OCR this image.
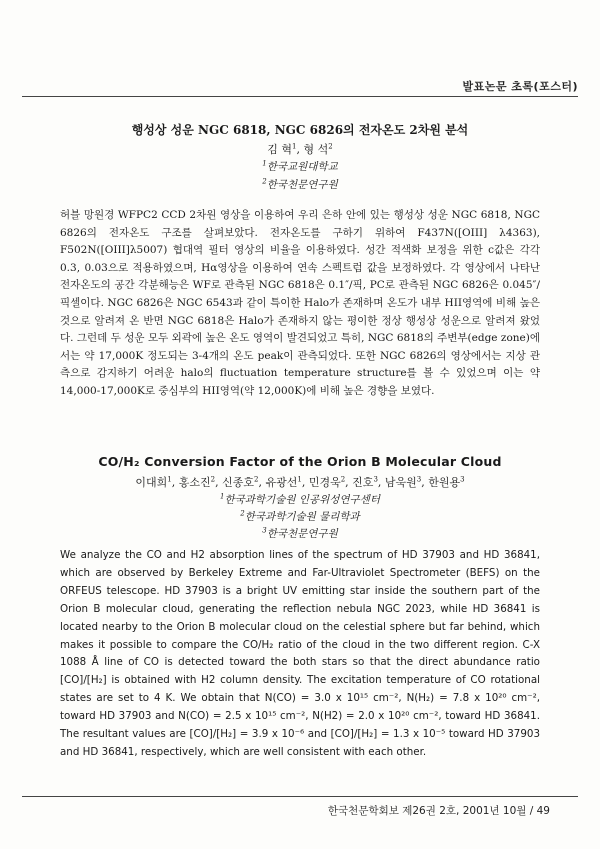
발표논문 초록(포스터)
행성상 성운 NGC 6818, NGC 6826의 전자온도 2차원 분석

김 혁$^1$, 형 석$^2$

$^1$한국교원대학교

$^2$한국천문연구원

허블 망원경 WFPC2 CCD 2차원 영상을 이용하여 우리 은하 안에 있는 행성상 성운 NGC 6818, NGC 6826의 전자온도 구조를 살펴보았다. 전자온도를 구하기 위하여 F437N([OIII] λ4363), F502N([OIII]λ5007) 협대역 필터 영상의 비율을 이용하였다. 성간 적색화 보정을 위한 c값은 각각 0.3, 0.03으로 적용하였으며, Hα영상을 이용하여 연속 스펙트럼 값을 보정하였다. 각 영상에서 나타난 전자온도의 공간 각분해능은 WF로 관측된 NGC 6818은 0.1″/픽, PC로 관측된 NGC 6826은 0.045″/픽셀이다. NGC 6826은 NGC 6543과 같이 특이한 Halo가 존재하며 온도가 내부 HII영역에 비해 높은 것으로 알려져 온 반면 NGC 6818은 Halo가 존재하지 않는 평이한 정상 행성상 성운으로 알려져 왔었다. 그런데 두 성운 모두 외곽에 높은 온도 영역이 발견되었고 특히, NGC 6818의 주변부(edge zone)에서는 약 17,000K 정도되는 3-4개의 온도 peak이 관측되었다. 또한 NGC 6826의 영상에서는 지상 관측으로 감지하기 어려운 halo의 fluctuation temperature structure를 볼 수 있었으며 이는 약 14,000-17,000K로 중심부의 HII영역(약 12,000K)에 비해 높은 경향을 보였다.

CO/H₂ Conversion Factor of the Orion B Molecular Cloud

이대희$^1$, 홍소진$^2$, 신종호$^2$, 유광선$^1$, 민경욱$^2$, 진호$^3$, 남욱원$^3$, 한원용$^3$

$^1$한국과학기술원 인공위성연구센터

$^2$한국과학기술원 물리학과

$^3$한국천문연구원

We analyze the CO and H2 absorption lines of the spectrum of HD 37903 and HD 36841, which are observed by Berkeley Extreme and Far-Ultraviolet Spectrometer (BEFS) on the ORFEUS telescope. HD 37903 is a bright UV emitting star inside the southern part of the Orion B molecular cloud, generating the reflection nebula NGC 2023, while HD 36841 is located nearby to the Orion B molecular cloud on the celestial sphere but far behind, which makes it possible to compare the CO/H₂ ratio of the cloud in the two different region. C-X 1088 Å line of CO is detected toward the both stars so that the direct abundance ratio [CO]/[H₂] is obtained with H2 column density. The excitation temperature of CO rotational states are set to 4 K. We obtain that N(CO) = 3.0 x 10¹⁵ cm⁻², N(H₂) = 7.8 x 10²⁰ cm⁻², toward HD 37903 and N(CO) = 2.5 x 10¹⁵ cm⁻², N(H2) = 2.0 x 10²⁰ cm⁻², toward HD 36841. The resultant values are [CO]/[H₂] = 3.9 x 10⁻⁶ and [CO]/[H₂] = 1.3 x 10⁻⁵ toward HD 37903 and HD 36841, respectively, which are well consistent with each other.

한국천문학회보 제26권 2호, 2001년 10월 / 49
